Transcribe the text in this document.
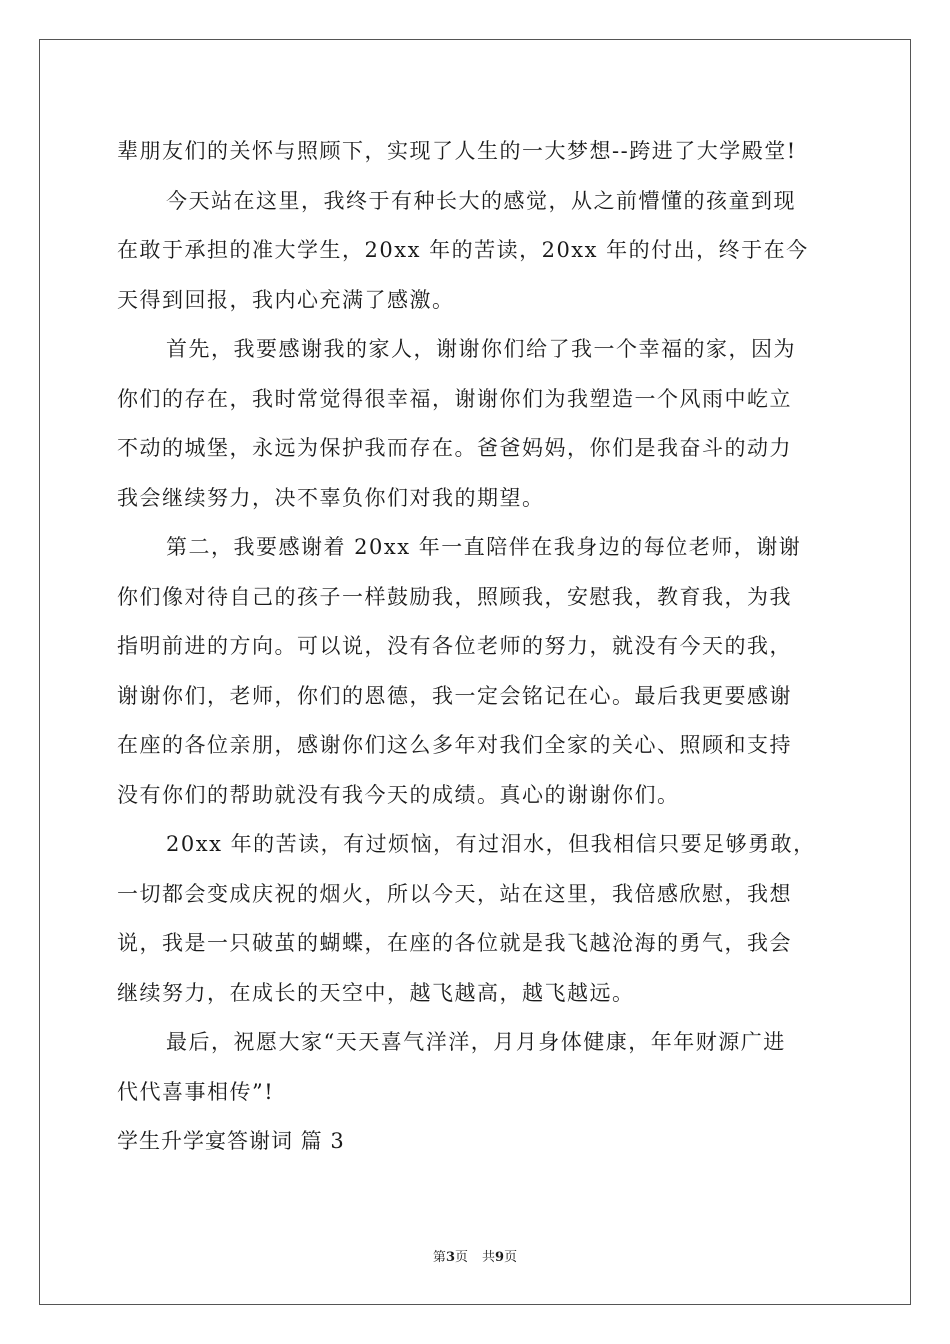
辈朋友们的关怀与照顾下，实现了人生的一大梦想--跨进了大学殿堂!
今天站在这里，我终于有种长大的感觉，从之前懵懂的孩童到现
在敢于承担的准大学生，20xx 年的苦读，20xx 年的付出，终于在今
天得到回报，我内心充满了感激。
首先，我要感谢我的家人，谢谢你们给了我一个幸福的家，因为
你们的存在，我时常觉得很幸福，谢谢你们为我塑造一个风雨中屹立
不动的城堡，永远为保护我而存在。爸爸妈妈，你们是我奋斗的动力
我会继续努力，决不辜负你们对我的期望。
第二，我要感谢着 20xx 年一直陪伴在我身边的每位老师，谢谢
你们像对待自己的孩子一样鼓励我，照顾我，安慰我，教育我，为我
指明前进的方向。可以说，没有各位老师的努力，就没有今天的我，
谢谢你们，老师，你们的恩德，我一定会铭记在心。最后我更要感谢
在座的各位亲朋，感谢你们这么多年对我们全家的关心、照顾和支持
没有你们的帮助就没有我今天的成绩。真心的谢谢你们。
20xx 年的苦读，有过烦恼，有过泪水，但我相信只要足够勇敢，
一切都会变成庆祝的烟火，所以今天，站在这里，我倍感欣慰，我想
说，我是一只破茧的蝴蝶，在座的各位就是我飞越沧海的勇气，我会
继续努力，在成长的天空中，越飞越高，越飞越远。
最后，祝愿大家“天天喜气洋洋，月月身体健康，年年财源广进
代代喜事相传”!
学生升学宴答谢词 篇 3
第3页 共9页
